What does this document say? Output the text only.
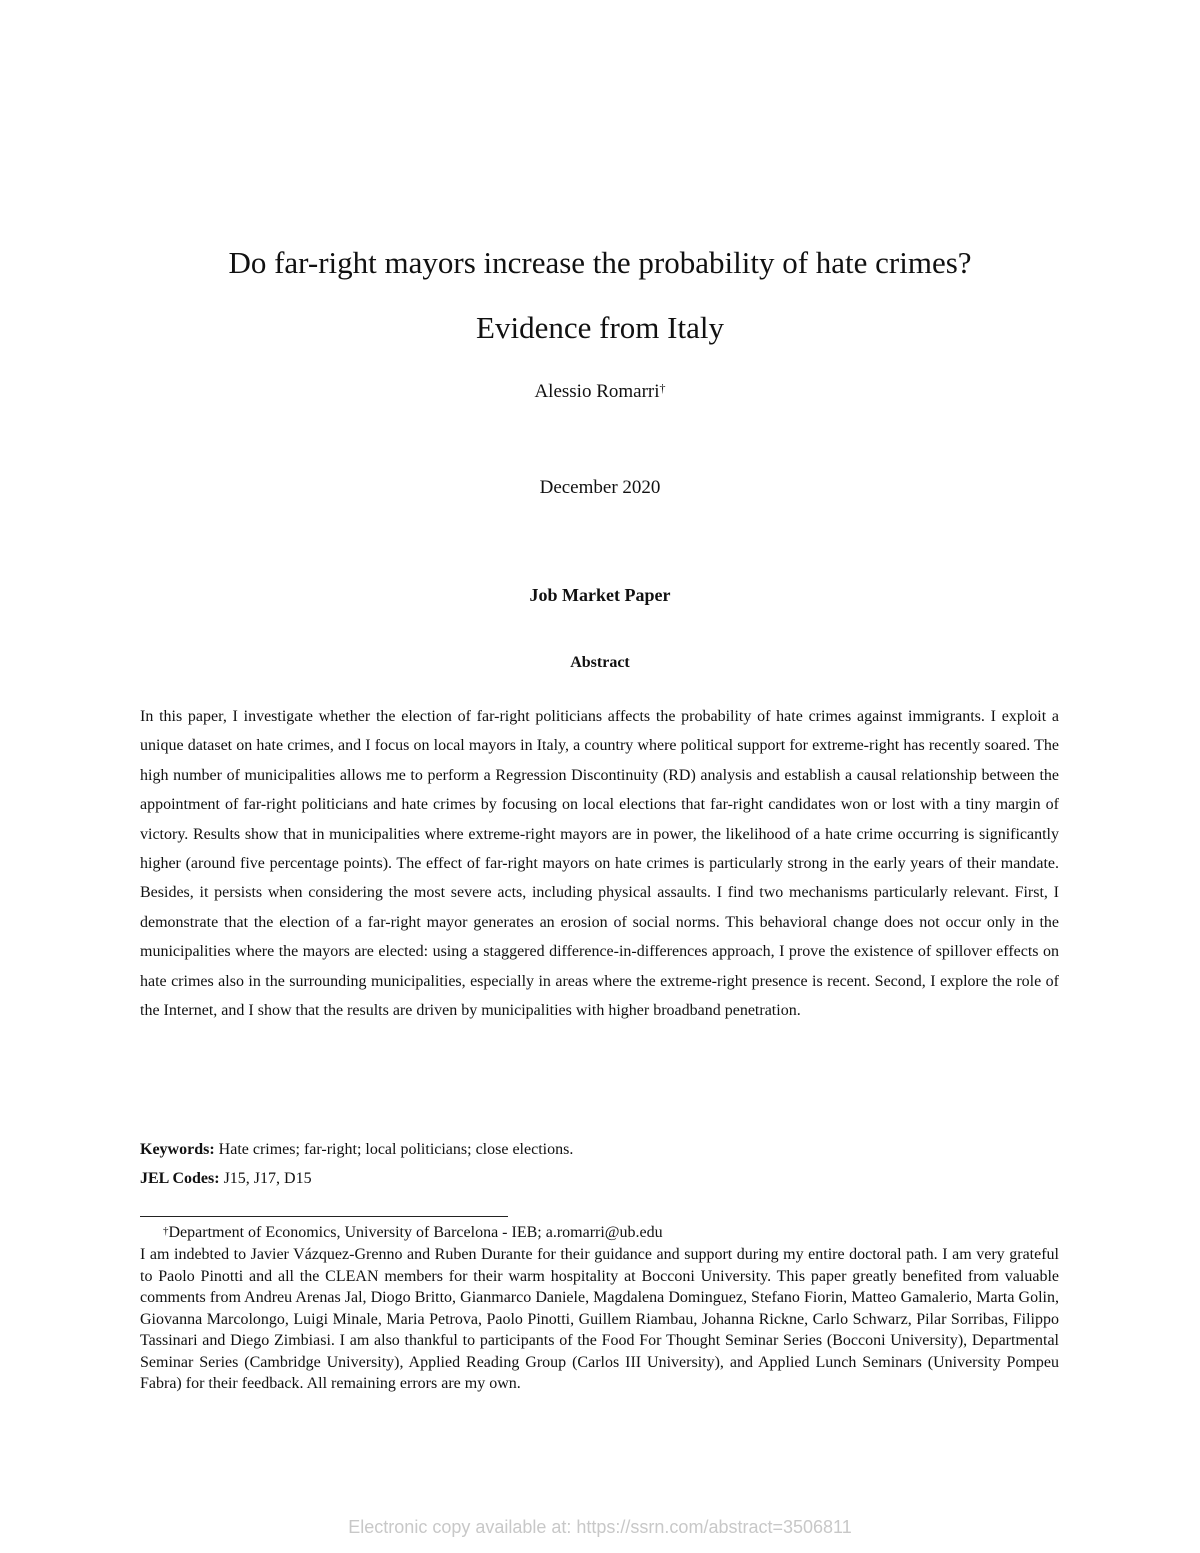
Do far-right mayors increase the probability of hate crimes?
Evidence from Italy
Alessio Romarri†
December 2020
Job Market Paper
Abstract
In this paper, I investigate whether the election of far-right politicians affects the probability of hate crimes against immigrants. I exploit a unique dataset on hate crimes, and I focus on local mayors in Italy, a country where political support for extreme-right has recently soared. The high number of municipalities allows me to perform a Regression Discontinuity (RD) analysis and establish a causal relationship between the appointment of far-right politicians and hate crimes by focusing on local elections that far-right candidates won or lost with a tiny margin of victory. Results show that in municipalities where extreme-right mayors are in power, the likelihood of a hate crime occurring is significantly higher (around five percentage points). The effect of far-right mayors on hate crimes is particularly strong in the early years of their mandate. Besides, it persists when considering the most severe acts, including physical assaults. I find two mechanisms particularly relevant. First, I demonstrate that the election of a far-right mayor generates an erosion of social norms. This behavioral change does not occur only in the municipalities where the mayors are elected: using a staggered difference-in-differences approach, I prove the existence of spillover effects on hate crimes also in the surrounding municipalities, especially in areas where the extreme-right presence is recent. Second, I explore the role of the Internet, and I show that the results are driven by municipalities with higher broadband penetration.
Keywords: Hate crimes; far-right; local politicians; close elections.
JEL Codes: J15, J17, D15
†Department of Economics, University of Barcelona - IEB; a.romarri@ub.edu
I am indebted to Javier Vázquez-Grenno and Ruben Durante for their guidance and support during my entire doctoral path. I am very grateful to Paolo Pinotti and all the CLEAN members for their warm hospitality at Bocconi University. This paper greatly benefited from valuable comments from Andreu Arenas Jal, Diogo Britto, Gianmarco Daniele, Magdalena Dominguez, Stefano Fiorin, Matteo Gamalerio, Marta Golin, Giovanna Marcolongo, Luigi Minale, Maria Petrova, Paolo Pinotti, Guillem Riambau, Johanna Rickne, Carlo Schwarz, Pilar Sorribas, Filippo Tassinari and Diego Zimbiasi. I am also thankful to participants of the Food For Thought Seminar Series (Bocconi University), Departmental Seminar Series (Cambridge University), Applied Reading Group (Carlos III University), and Applied Lunch Seminars (University Pompeu Fabra) for their feedback. All remaining errors are my own.
Electronic copy available at: https://ssrn.com/abstract=3506811
